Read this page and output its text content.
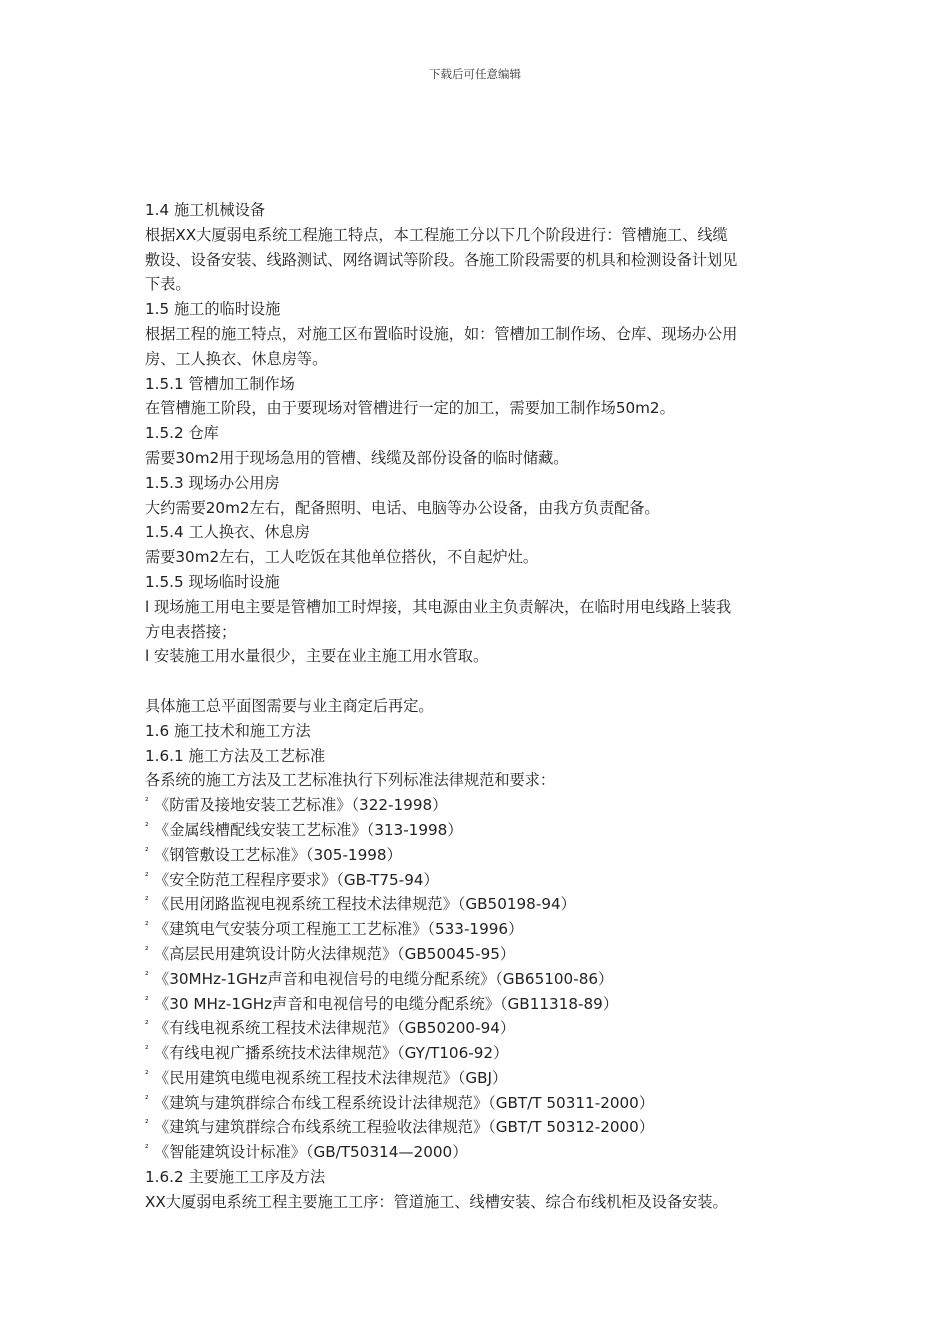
下载后可任意编辑
1.4 施工机械设备
根据XX大厦弱电系统工程施工特点，本工程施工分以下几个阶段进行：管槽施工、线缆
敷设、设备安装、线路测试、网络调试等阶段。各施工阶段需要的机具和检测设备计划见
下表。
1.5 施工的临时设施
根据工程的施工特点，对施工区布置临时设施，如：管槽加工制作场、仓库、现场办公用
房、工人换衣、休息房等。
1.5.1 管槽加工制作场
在管槽施工阶段，由于要现场对管槽进行一定的加工，需要加工制作场50m2。
1.5.2 仓库
需要30m2用于现场急用的管槽、线缆及部份设备的临时储藏。
1.5.3 现场办公用房
大约需要20m2左右，配备照明、电话、电脑等办公设备，由我方负责配备。
1.5.4 工人换衣、休息房
需要30m2左右，工人吃饭在其他单位搭伙，不自起炉灶。
1.5.5 现场临时设施
l 现场施工用电主要是管槽加工时焊接，其电源由业主负责解决，在临时用电线路上装我
方电表搭接；
l 安装施工用水量很少，主要在业主施工用水管取。
具体施工总平面图需要与业主商定后再定。
1.6 施工技术和施工方法
1.6.1 施工方法及工艺标准
各系统的施工方法及工艺标准执行下列标准法律规范和要求：
² 《防雷及接地安装工艺标准》（322-1998）
² 《金属线槽配线安装工艺标准》（313-1998）
² 《钢管敷设工艺标准》（305-1998）
² 《安全防范工程程序要求》（GB-T75-94）
² 《民用闭路监视电视系统工程技术法律规范》（GB50198-94）
² 《建筑电气安装分项工程施工工艺标准》（533-1996）
² 《高层民用建筑设计防火法律规范》（GB50045-95）
² 《30MHz-1GHz声音和电视信号的电缆分配系统》（GB65100-86）
² 《30 MHz-1GHz声音和电视信号的电缆分配系统》（GB11318-89）
² 《有线电视系统工程技术法律规范》（GB50200-94）
² 《有线电视广播系统技术法律规范》（GY/T106-92）
² 《民用建筑电缆电视系统工程技术法律规范》（GBJ）
² 《建筑与建筑群综合布线工程系统设计法律规范》（GBT/T 50311-2000）
² 《建筑与建筑群综合布线系统工程验收法律规范》（GBT/T 50312-2000）
² 《智能建筑设计标准》（GB/T50314—2000）
1.6.2 主要施工工序及方法
XX大厦弱电系统工程主要施工工序：管道施工、线槽安装、综合布线机柜及设备安装。
